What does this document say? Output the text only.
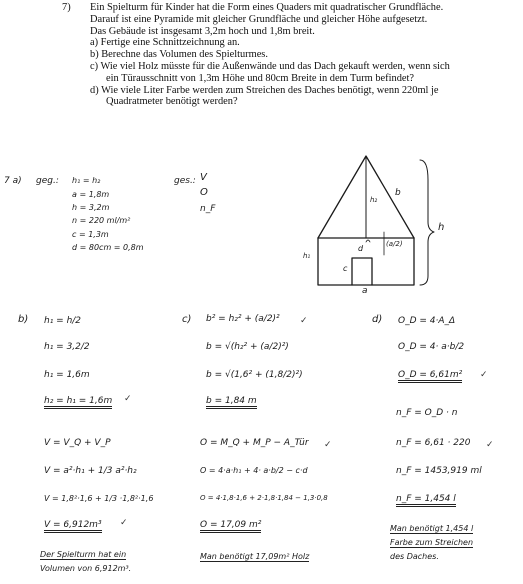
7)	Ein Spielturm für Kinder hat die Form eines Quaders mit quadratischer Grundfläche.
Darauf ist eine Pyramide mit gleicher Grundfläche und gleicher Höhe aufgesetzt.
Das Gebäude ist insgesamt 3,2m hoch und 1,8m breit.
a) Fertige eine Schnittzeichnung an.
b) Berechne das Volumen des Spielturmes.
c) Wie viel Holz müsste für die Außenwände und das Dach gekauft werden, wenn sich
ein Türausschnitt von 1,3m Höhe und 80cm Breite in dem Turm befindet?
d) Wie viele Liter Farbe werden zum Streichen des Daches benötigt, wenn 220ml je
Quadratmeter benötigt werden?
7 a) geg.: h₁ = h₂
a = 1,8m
h = 3,2m
n = 220 ml/m²
c = 1,3m
d = 80cm = 0,8m
ges.: V
O
n_F
b
h₂
h
h₁
d	(a/2)
c
a
b) h₁ = h/2
h₁ = 3,2/2
h₁ = 1,6m
h₂ = h₁ = 1,6m ✓
V = V_Q + V_P
V = a²·h₁ + 1/3 a²·h₂
V = 1,8²·1,6 + 1/3 ·1,8²·1,6
V = 6,912m³ ✓
Der Spielturm hat ein
Volumen von 6,912m³.
c) b² = h₂² + (a/2)²
b = √(h₂² + (a/2)²)
b = √(1,6² + (1,8/2)²)
b = 1,84 m
✓
O = M_Q + M_P − A_Tür
O = 4·a·h₁ + 4· a·b/2 − c·d
O = 4·1,8·1,6 + 2·1,8·1,84 − 1,3·0,8
O = 17,09 m²
✓
Man benötigt 17,09m² Holz
d) O_D = 4·A_Δ
O_D = 4· a·b/2
O_D = 6,61m² ✓
n_F = O_D · n
n_F = 6,61 · 220
n_F = 1453,919 ml
n_F = 1,454 l
✓
Man benötigt 1,454 l
Farbe zum Streichen
des Daches.
